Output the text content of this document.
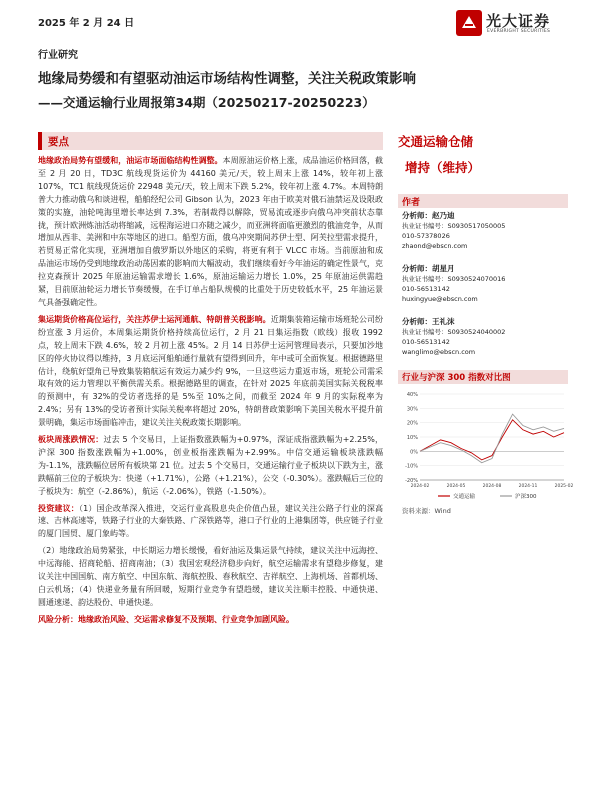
2025 年 2 月 24 日	光大证券
EVERBRIGHT SECURITIES
行业研究
地缘局势缓和有望驱动油运市场结构性调整，关注关税政策影响
——交通运输行业周报第34期（20250217-20250223）
要点

地缘政治局势有望缓和，油运市场面临结构性调整。本周原油运价格上涨，成品油运价格回落，截至 2 月 20 日，TD3C 航线现货运价为 44160 美元/天，较上周末上涨 14%，较年初上涨 107%，TC1 航线现货运价 22948 美元/天，较上周末下跌 5.2%，较年初上涨 4.7%。本周特朗普大力推动俄乌和谈进程，船舶经纪公司 Gibson 认为，2023 年由于欧美对俄石油禁运及设限政策的实施，油轮吨海里增长率达到 7.3%，若制裁得以解除，贸易流或逐步向俄乌冲突前状态靠拢，预计欧洲炼油活动将缩减，远程海运进口亦随之减少，而亚洲将面临更激烈的俄油竞争，从而增加从西非、美洲和中东等地区的进口。船型方面，俄乌冲突期间苏伊士型、阿芙拉型需求提升，若贸易正常化实现，亚洲增加自俄罗斯以外地区的采购，将更有利于 VLCC 市场。当前原油和成品油运市场仍受到地缘政治动荡因素的影响而大幅波动，我们继续看好今年油运的确定性景气，克拉克森预计 2025 年原油运输需求增长 1.6%，原油运输运力增长 1.0%，25 年原油运供需趋紧，目前原油轮运力增长节奏缓慢，在手订单占船队规模的比重处于历史较低水平，25 年油运景气具备强确定性。

集运期货价格高位运行，关注苏伊士运河通航、特朗普关税影响。近期集装箱运输市场班轮公司纷纷宣涨 3 月运价，本周集运期货价格持续高位运行，2 月 21 日集运指数（欧线）报收 1992 点，较上周末下跌 4.6%，较 2 月初上涨 45%。2 月 14 日苏伊士运河管理局表示，只要加沙地区的停火协议得以维持，3 月底运河船舶通行量就有望得到回升，年中或可全面恢复。根据德路里估计，绕航好望角已导致集装箱航运有效运力减少约 9%，一旦这些运力重返市场，班轮公司需采取有效的运力管理以平衡供需关系。根据德路里的调查，在针对 2025 年底前美国实际关税税率的预测中，有 32%的受访者选择的是 5%至 10%之间，而截至 2024 年 9 月的实际税率为 2.4%；另有 13%的受访者预计实际关税率将超过 20%，特朗普政策影响下美国关税水平提升前景明确，集运市场面临冲击，建议关注关税政策长期影响。

板块周涨跌情况：过去 5 个交易日，上证指数涨跌幅为+0.97%，深证成指涨跌幅为+2.25%，沪深 300 指数涨跌幅为+1.00%，创业板指涨跌幅为+2.99%。中信交通运输板块涨跌幅为-1.1%，涨跌幅位居所有板块第 21 位。过去 5 个交易日，交通运输行业子板块以下跌为主，涨跌幅前三位的子板块为：快递（+1.71%），公路（+1.21%），公交（-0.30%）。涨跌幅后三位的子板块为：航空（-2.86%），航运（-2.06%），铁路（-1.50%）。

投资建议：（1）国企改革深入推进，交运行业高股息央企价值凸显，建议关注公路子行业的深高速、吉林高速等，铁路子行业的大秦铁路、广深铁路等，港口子行业的上港集团等，供应链子行业的厦门国贸、厦门象屿等。

（2）地缘政治局势紧张，中长期运力增长缓慢，看好油运及集运景气持续，建议关注中远海控、中远海能、招商轮船、招商南油；（3）我国宏观经济稳步向好，航空运输需求有望稳步修复，建议关注中国国航、南方航空、中国东航、海航控股、春秋航空、吉祥航空、上海机场、首都机场、白云机场；（4）快递业务量有所回暖，短期行业竞争有望趋缓，建议关注顺丰控股、中通快递、圆通速递、韵达股份、申通快递。

风险分析：地缘政治风险、交运需求修复不及预期、行业竞争加剧风险。

交通运输仓储
增持（维持）
作者
分析师：赵乃迪
执业证书编号：S0930517050005
010-57378026
zhaond@ebscn.com
分析师：胡星月
执业证书编号：S0930524070016
010-56513142
huxingyue@ebscn.com
分析师：王礼沫
执业证书编号：S0930524040002
010-56513142
wanglimo@ebscn.com
行业与沪深 300 指数对比图
-20%
-10%
0%
10%
20%
30%
40%
2024-02	2024-05	2024-08	2024-11	2025-02
交通运输	沪深300
资料来源：Wind
